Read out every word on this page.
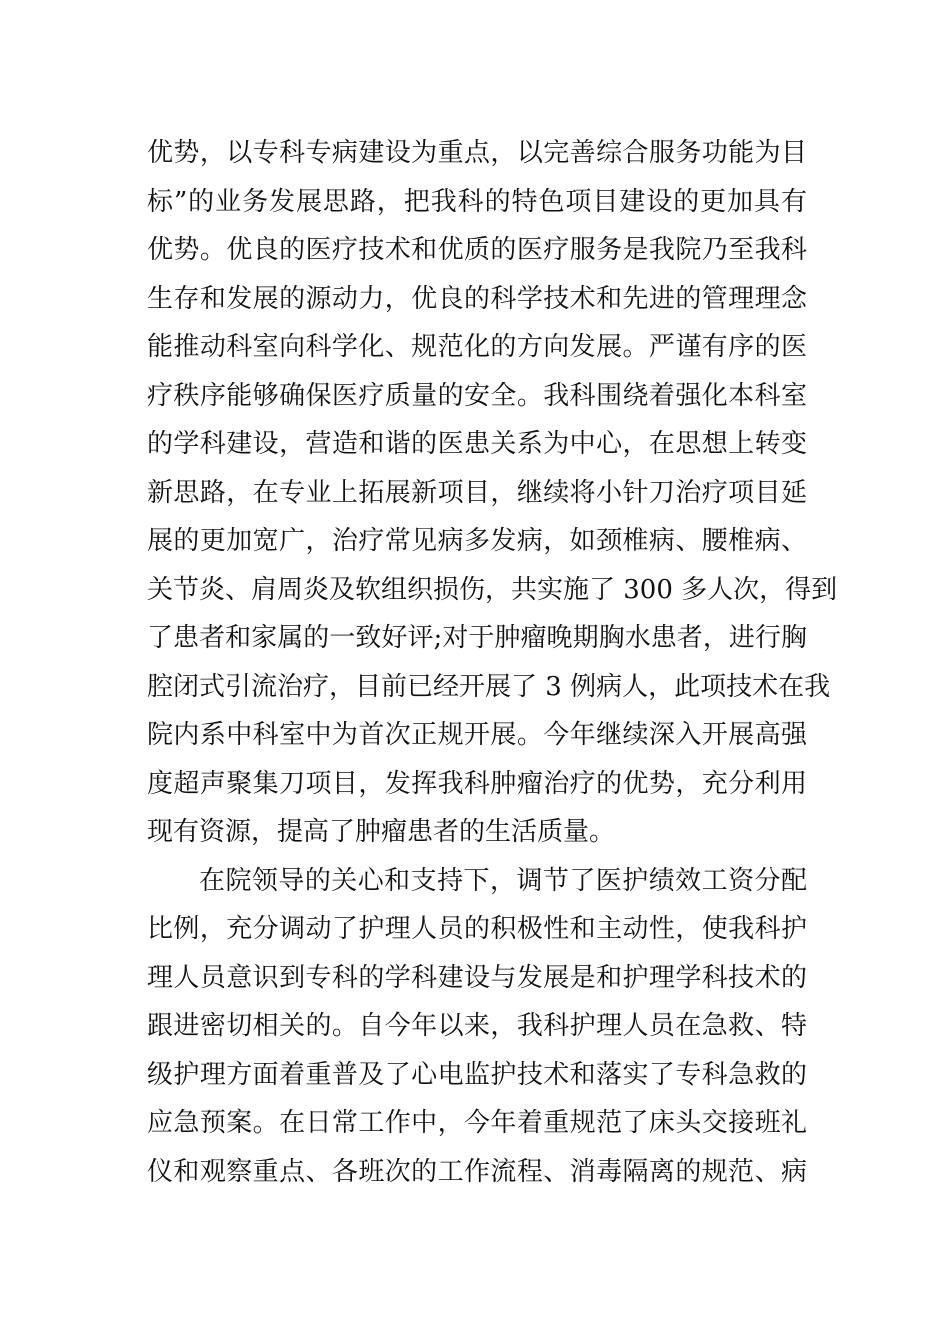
优势，以专科专病建设为重点，以完善综合服务功能为目
标”的业务发展思路，把我科的特色项目建设的更加具有
优势。优良的医疗技术和优质的医疗服务是我院乃至我科
生存和发展的源动力，优良的科学技术和先进的管理理念
能推动科室向科学化、规范化的方向发展。严谨有序的医
疗秩序能够确保医疗质量的安全。我科围绕着强化本科室
的学科建设，营造和谐的医患关系为中心，在思想上转变
新思路，在专业上拓展新项目，继续将小针刀治疗项目延
展的更加宽广，治疗常见病多发病，如颈椎病、腰椎病、
关节炎、肩周炎及软组织损伤，共实施了 300 多人次，得到
了患者和家属的一致好评;对于肿瘤晚期胸水患者，进行胸
腔闭式引流治疗，目前已经开展了 3 例病人，此项技术在我
院内系中科室中为首次正规开展。今年继续深入开展高强
度超声聚集刀项目，发挥我科肿瘤治疗的优势，充分利用
现有资源，提高了肿瘤患者的生活质量。
在院领导的关心和支持下，调节了医护绩效工资分配
比例，充分调动了护理人员的积极性和主动性，使我科护
理人员意识到专科的学科建设与发展是和护理学科技术的
跟进密切相关的。自今年以来，我科护理人员在急救、特
级护理方面着重普及了心电监护技术和落实了专科急救的
应急预案。在日常工作中，今年着重规范了床头交接班礼
仪和观察重点、各班次的工作流程、消毒隔离的规范、病
